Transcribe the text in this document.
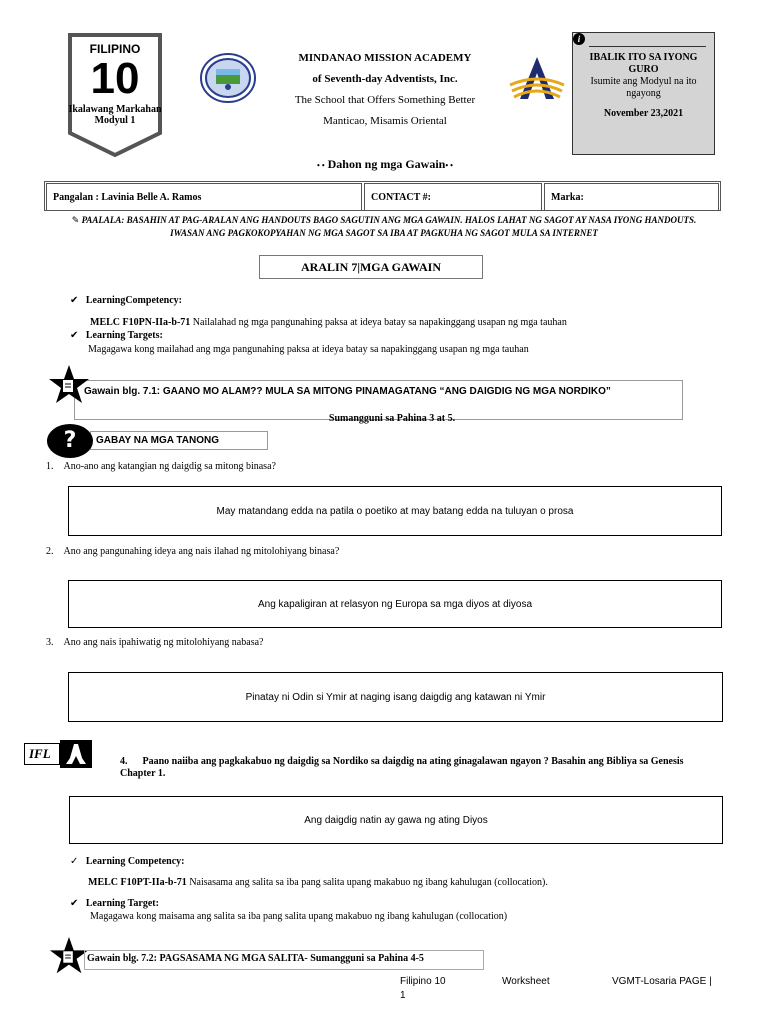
FILIPINO
10
Ikalawang Markahan
Modyul 1
MINDANAO MISSION ACADEMY
of Seventh-day Adventists, Inc.
The School that Offers Something Better
Manticao, Misamis Oriental
i
IBALIK ITO SA IYONG GURO
Isumite ang Modyul na ito ngayong
November 23,2021
• • Dahon ng mga Gawain• •
Pangalan : Lavinia Belle A. Ramos	CONTACT #:	Marka:
✎ PAALALA: BASAHIN AT PAG-ARALAN ANG HANDOUTS BAGO SAGUTIN ANG MGA GAWAIN. HALOS LAHAT NG SAGOT AY NASA IYONG HANDOUTS. IWASAN ANG PAGKOKOPYAHAN NG MGA SAGOT SA IBA AT PAGKUHA NG SAGOT MULA SA INTERNET
ARALIN 7|MGA GAWAIN
✔ LearningCompetency:
MELC F10PN-IIa-b-71 Nailalahad ng mga pangunahing paksa at ideya batay sa napakinggang usapan ng mga tauhan
✔ Learning Targets:
Magagawa kong mailahad ang mga pangunahing paksa at ideya batay sa napakinggang usapan ng mga tauhan
Gawain blg. 7.1: GAANO MO ALAM?? MULA SA MITONG PINAMAGATANG “ANG DAIGDIG NG MGA NORDIKO”
Sumangguni sa Pahina 3 at 5.
GABAY NA MGA TANONG
?
1. Ano-ano ang katangian ng daigdig sa mitong binasa?
May matandang edda na patila o poetiko at may batang edda na tuluyan o prosa
2. Ano ang pangunahing ideya ang nais ilahad ng mitolohiyang binasa?
Ang kapaligiran at relasyon ng Europa sa mga diyos at diyosa
3. Ano ang nais ipahiwatig ng mitolohiyang nabasa?
Pinatay ni Odin si Ymir at naging isang daigdig ang katawan ni Ymir
IFL
4. Paano naiiba ang pagkakabuo ng daigdig sa Nordiko sa daigdig na ating ginagalawan ngayon ? Basahin ang Bibliya sa Genesis Chapter 1.
Ang daigdig natin ay gawa ng ating Diyos
✓ Learning Competency:
MELC F10PT-IIa-b-71 Naisasama ang salita sa iba pang salita upang makabuo ng ibang kahulugan (collocation).
✔ Learning Target:
Magagawa kong maisama ang salita sa iba pang salita upang makabuo ng ibang kahulugan (collocation)
Gawain blg. 7.2: PAGSASAMA NG MGA SALITA- Sumangguni sa Pahina 4-5
Filipino 10	Worksheet	VGMT-Losaria PAGE |
1
